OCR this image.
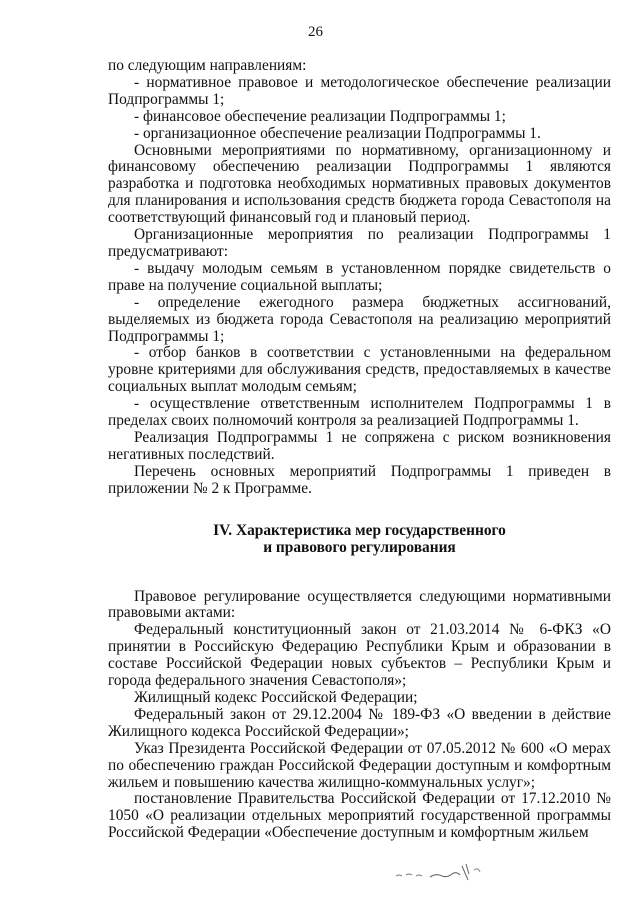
26

по следующим направлениям:

- нормативное правовое и методологическое обеспечение реализации Подпрограммы 1;

- финансовое обеспечение реализации Подпрограммы 1;

- организационное обеспечение реализации Подпрограммы 1.

Основными мероприятиями по нормативному, организационному и финансовому обеспечению реализации Подпрограммы 1 являются разработка и подготовка необходимых нормативных правовых документов для планирования и использования средств бюджета города Севастополя на соответствующий финансовый год и плановый период.

Организационные мероприятия по реализации Подпрограммы 1 предусматривают:

- выдачу молодым семьям в установленном порядке свидетельств о праве на получение социальной выплаты;

- определение ежегодного размера бюджетных ассигнований, выделяемых из бюджета города Севастополя на реализацию мероприятий Подпрограммы 1;

- отбор банков в соответствии с установленными на федеральном уровне критериями для обслуживания средств, предоставляемых в качестве социальных выплат молодым семьям;

- осуществление ответственным исполнителем Подпрограммы 1 в пределах своих полномочий контроля за реализацией Подпрограммы 1.

Реализация Подпрограммы 1 не сопряжена с риском возникновения негативных последствий.

Перечень основных мероприятий Подпрограммы 1 приведен в приложении № 2 к Программе.

IV. Характеристика мер государственного
и правового регулирования

Правовое регулирование осуществляется следующими нормативными правовыми актами:

Федеральный конституционный закон от 21.03.2014 № 6-ФКЗ «О принятии в Российскую Федерацию Республики Крым и образовании в составе Российской Федерации новых субъектов – Республики Крым и города федерального значения Севастополя»;

Жилищный кодекс Российской Федерации;

Федеральный закон от 29.12.2004 № 189-ФЗ «О введении в действие Жилищного кодекса Российской Федерации»;

Указ Президента Российской Федерации от 07.05.2012 № 600 «О мерах по обеспечению граждан Российской Федерации доступным и комфортным жильем и повышению качества жилищно-коммунальных услуг»;

постановление Правительства Российской Федерации от 17.12.2010 № 1050 «О реализации отдельных мероприятий государственной программы Российской Федерации «Обеспечение доступным и комфортным жильем
